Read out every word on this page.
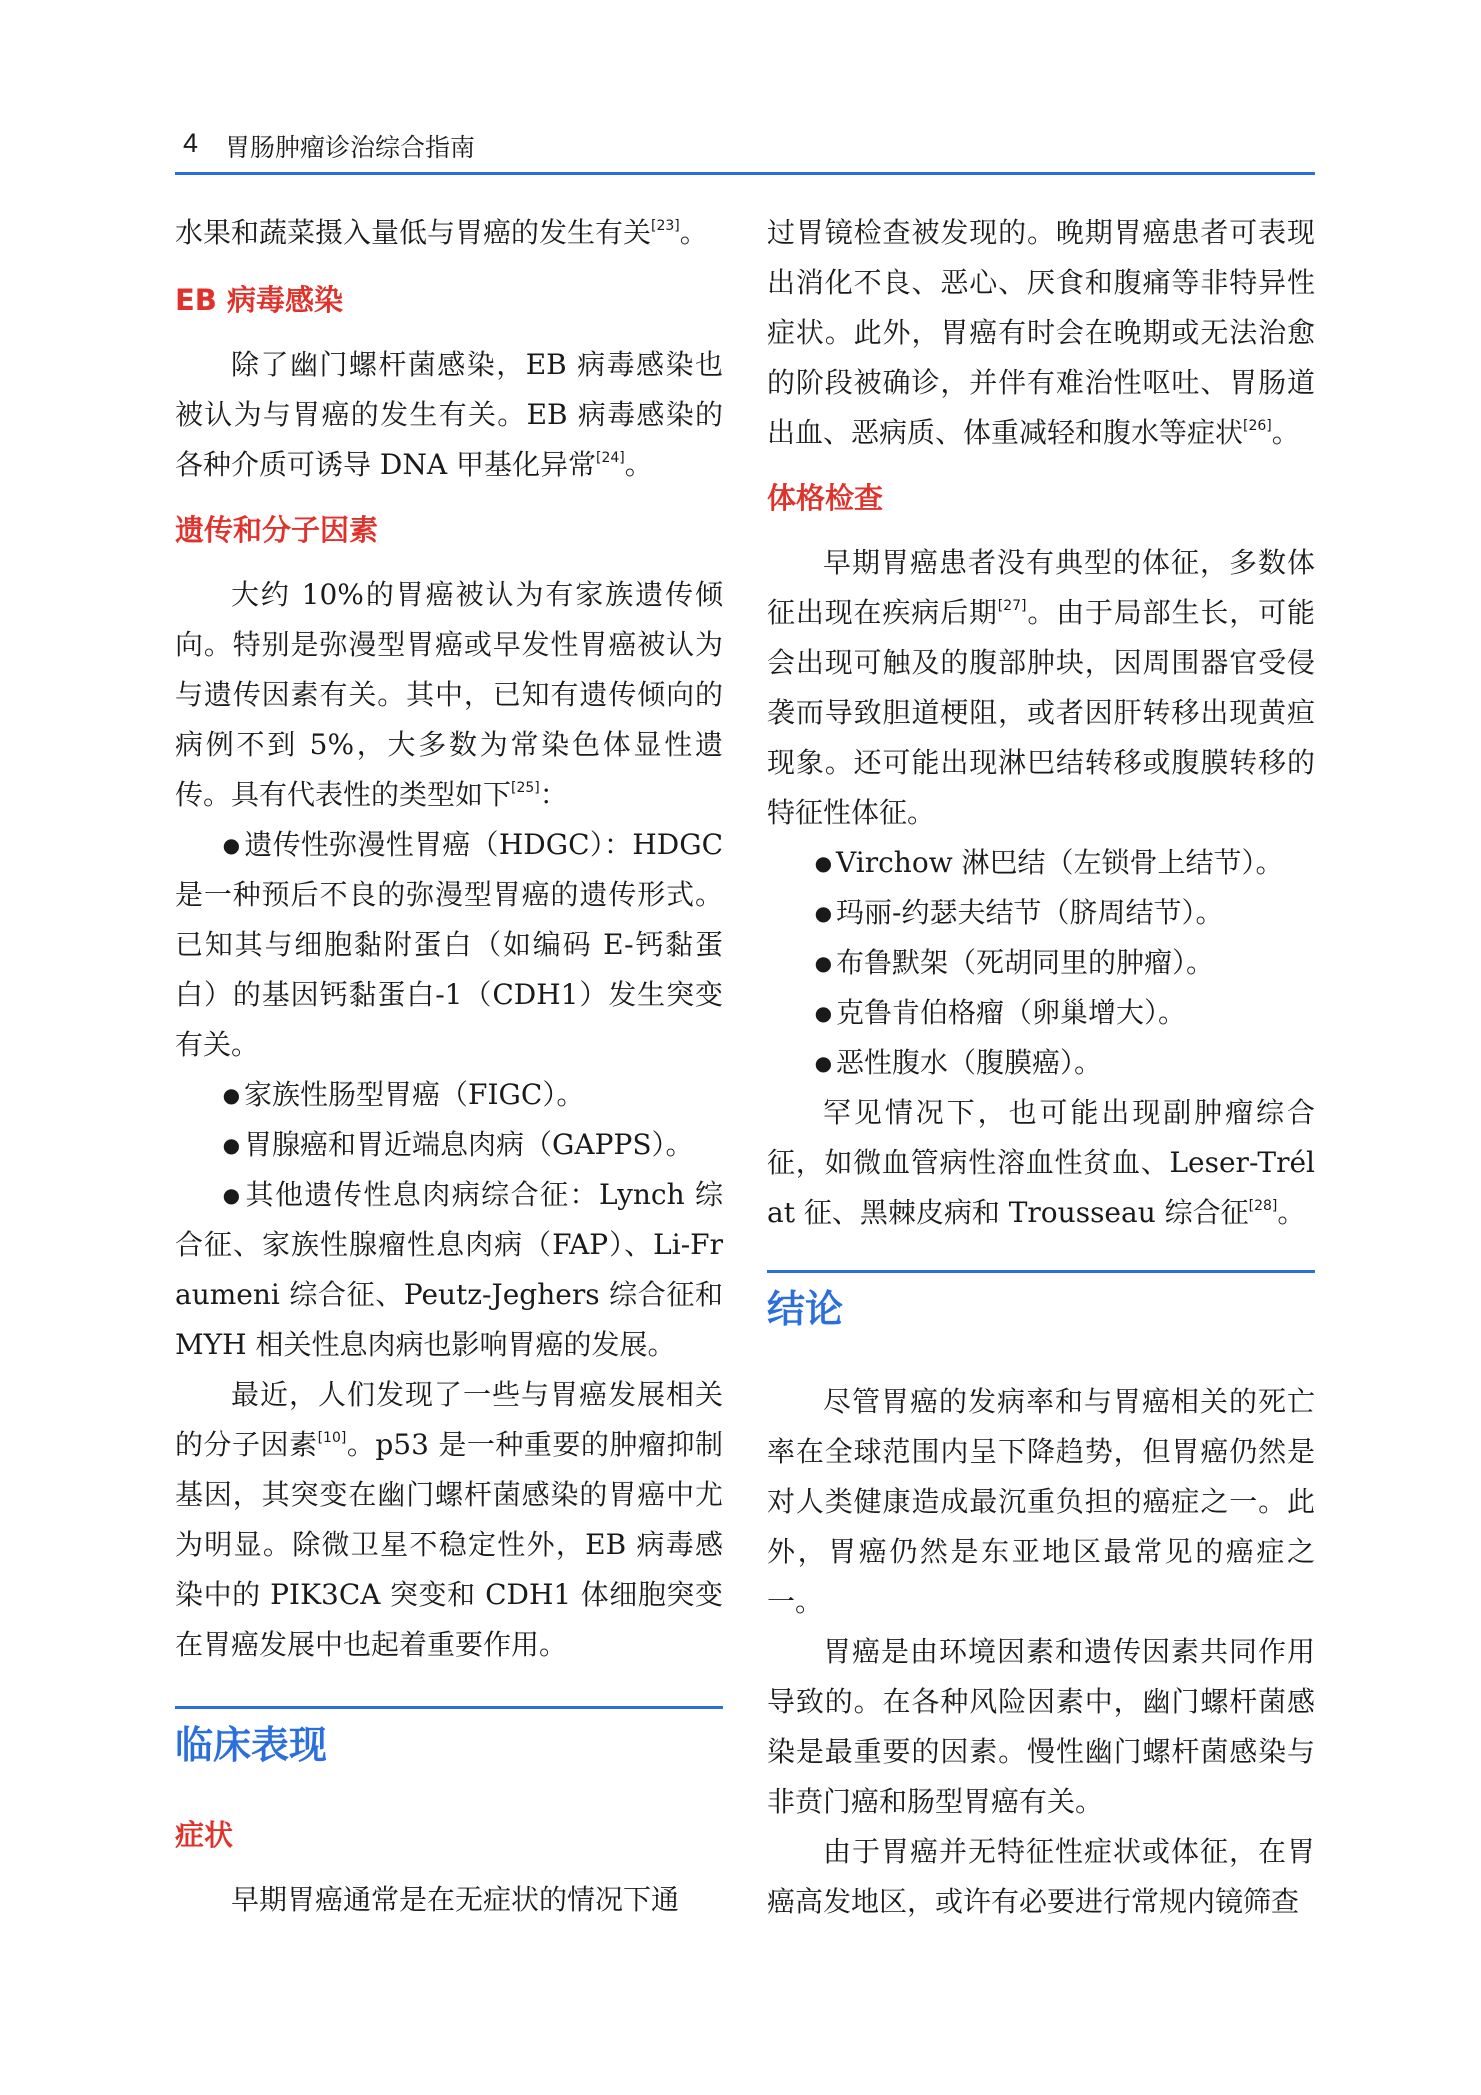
4 胃肠肿瘤诊治综合指南

水果和蔬菜摄入量低与胃癌的发生有关[23]。

EB 病毒感染

除了幽门螺杆菌感染，EB 病毒感染也被认为与胃癌的发生有关。EB 病毒感染的各种介质可诱导 DNA 甲基化异常[24]。

遗传和分子因素

大约 10%的胃癌被认为有家族遗传倾向。特别是弥漫型胃癌或早发性胃癌被认为与遗传因素有关。其中，已知有遗传倾向的病例不到 5%，大多数为常染色体显性遗传。具有代表性的类型如下[25]：

● 遗传性弥漫性胃癌（HDGC）：HDGC 是一种预后不良的弥漫型胃癌的遗传形式。已知其与细胞黏附蛋白（如编码 E-钙黏蛋白）的基因钙黏蛋白-1（CDH1）发生突变有关。

● 家族性肠型胃癌（FIGC）。

● 胃腺癌和胃近端息肉病（GAPPS）。

● 其他遗传性息肉病综合征：Lynch 综合征、家族性腺瘤性息肉病（FAP）、Li-Fraumeni 综合征、Peutz-Jeghers 综合征和 MYH 相关性息肉病也影响胃癌的发展。

最近，人们发现了一些与胃癌发展相关的分子因素[10]。p53 是一种重要的肿瘤抑制基因，其突变在幽门螺杆菌感染的胃癌中尤为明显。除微卫星不稳定性外，EB 病毒感染中的 PIK3CA 突变和 CDH1 体细胞突变在胃癌发展中也起着重要作用。

临床表现
症状

早期胃癌通常是在无症状的情况下通

过胃镜检查被发现的。晚期胃癌患者可表现出消化不良、恶心、厌食和腹痛等非特异性症状。此外，胃癌有时会在晚期或无法治愈的阶段被确诊，并伴有难治性呕吐、胃肠道出血、恶病质、体重减轻和腹水等症状[26]。

体格检查

早期胃癌患者没有典型的体征，多数体征出现在疾病后期[27]。由于局部生长，可能会出现可触及的腹部肿块，因周围器官受侵袭而导致胆道梗阻，或者因肝转移出现黄疸现象。还可能出现淋巴结转移或腹膜转移的特征性体征。

● Virchow 淋巴结（左锁骨上结节）。

● 玛丽-约瑟夫结节（脐周结节）。

● 布鲁默架（死胡同里的肿瘤）。

● 克鲁肯伯格瘤（卵巢增大）。

● 恶性腹水（腹膜癌）。

罕见情况下，也可能出现副肿瘤综合征，如微血管病性溶血性贫血、Leser-Trélat 征、黑棘皮病和 Trousseau 综合征[28]。

结论

尽管胃癌的发病率和与胃癌相关的死亡率在全球范围内呈下降趋势，但胃癌仍然是对人类健康造成最沉重负担的癌症之一。此外，胃癌仍然是东亚地区最常见的癌症之一。

胃癌是由环境因素和遗传因素共同作用导致的。在各种风险因素中，幽门螺杆菌感染是最重要的因素。慢性幽门螺杆菌感染与非贲门癌和肠型胃癌有关。

由于胃癌并无特征性症状或体征，在胃癌高发地区，或许有必要进行常规内镜筛查
